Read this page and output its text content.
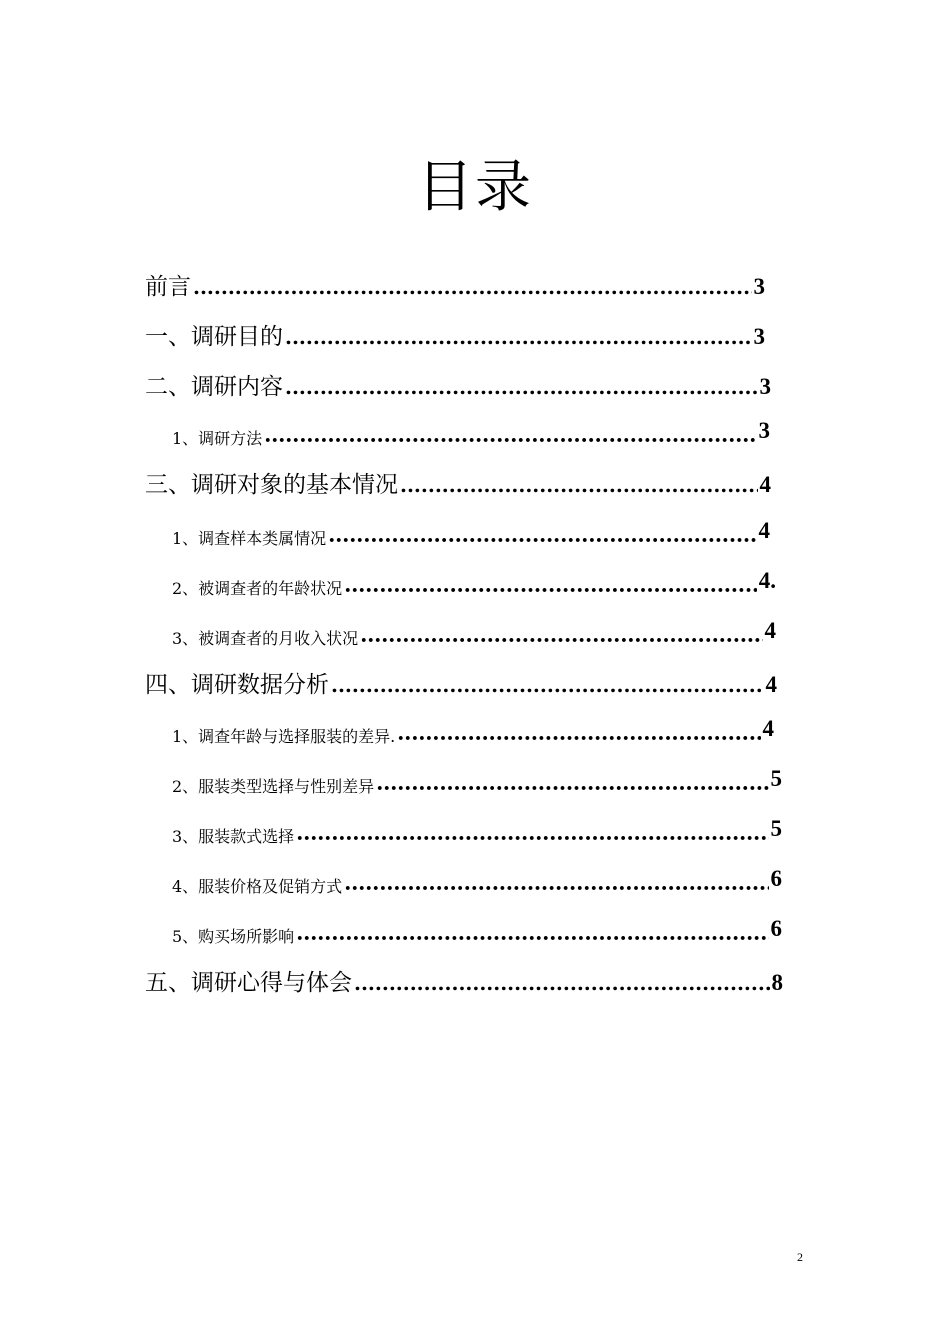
目录
前言 .....	3
一、调研目的 .....	3
二、调研内容 .....	3
1、调研方法 •••••	3
三、调研对象的基本情况 .....	4
1、调查样本类属情况 •••••	4
2、被调查者的年龄状况 •••••	4.
3、被调查者的月收入状况 •••••	4
四、调研数据分析 .....	4
1、调查年龄与选择服装的差异. •••••	4
2、服装类型选择与性别差异 •••••	5
3、服装款式选择 •••••	5
4、服装价格及促销方式 •••••	6
5、购买场所影响 •••••	6
五、调研心得与体会 .....	8
2
